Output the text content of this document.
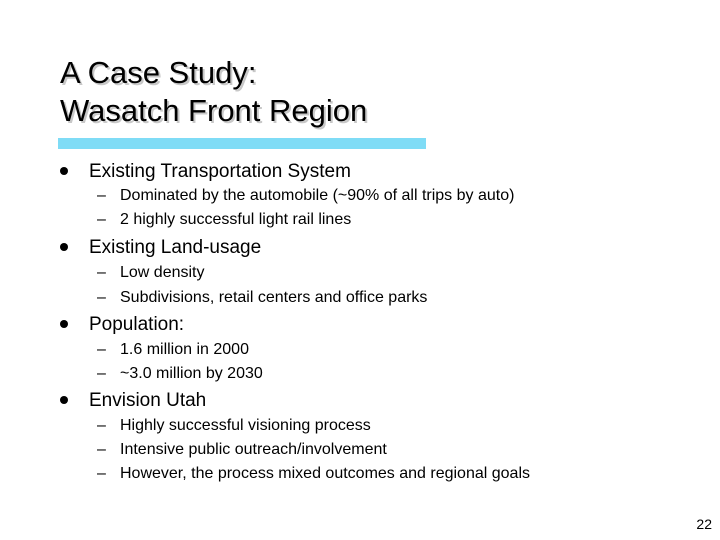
A Case Study:
Wasatch Front Region
Existing Transportation System
– Dominated by the automobile (~90% of all trips by auto)
– 2 highly successful light rail lines
Existing Land-usage
– Low density
– Subdivisions, retail centers and office parks
Population:
– 1.6 million in 2000
– ~3.0 million by 2030
Envision Utah
– Highly successful visioning process
– Intensive public outreach/involvement
– However, the process mixed outcomes and regional goals
22
